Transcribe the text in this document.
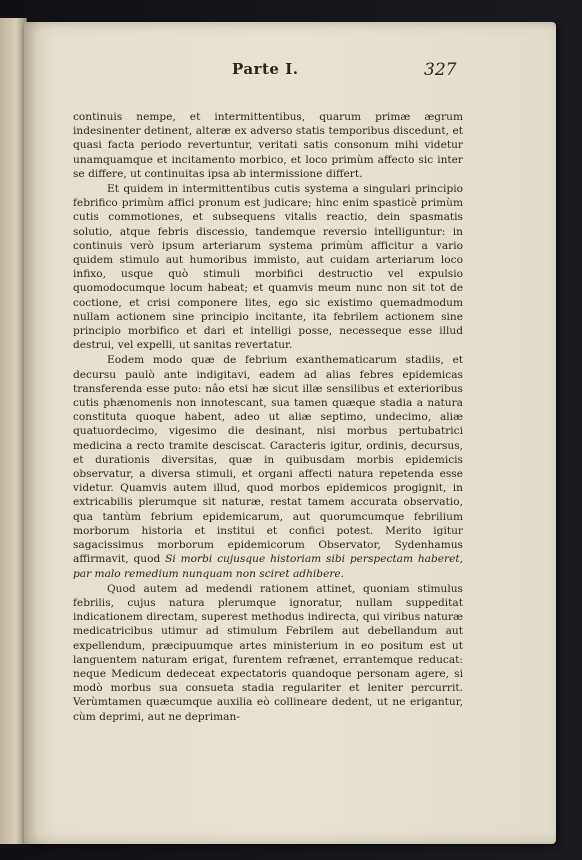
Parte I.	327

continuis nempe, et intermittentibus, quarum primæ ægrum indesinenter detinent, alteræ ex adverso statis temporibus discedunt, et quasi facta periodo revertuntur, veritati satis consonum mihi videtur unamquamque et incitamento morbico, et loco primùm affecto sic inter se differe, ut continuitas ipsa ab intermissione differt.

Et quidem in intermittentibus cutis systema a singulari principio febrifico primùm affici pronum est judicare; hinc enim spasticè primùm cutis commotiones, et subsequens vitalis reactio, dein spasmatis solutio, atque febris discessio, tandemque reversio intelliguntur: in continuis verò ipsum arteriarum systema primùm afficitur a vario quidem stimulo aut humoribus immisto, aut cuidam arteriarum loco infixo, usque quò stimuli morbifici destructio vel expulsio quomodocumque locum habeat; et quamvis meum nunc non sit tot de coctione, et crisi componere lites, ego sic existimo quemadmodum nullam actionem sine principio incitante, ita febrilem actionem sine principio morbifico et dari et intelligi posse, necesseque esse illud destrui, vel expelli, ut sanitas revertatur.

Eodem modo quæ de febrium exanthematicarum stadiis, et decursu paulò ante indigitavi, eadem ad alias febres epidemicas transferenda esse puto: nâo etsi hæ sicut illæ sensilibus et exterioribus cutis phænomenis non innotescant, sua tamen quæque stadia a natura constituta quoque habent, adeo ut aliæ septimo, undecimo, aliæ quatuordecimo, vigesimo die desinant, nisi morbus pertubatrici medicina a recto tramite desciscat. Caracteris igitur, ordinis, decursus, et durationis diversitas, quæ in quibusdam morbis epidemicis observatur, a diversa stimuli, et organi affecti natura repetenda esse videtur. Quamvis autem illud, quod morbos epidemicos progignit, in extricabilis plerumque sit naturæ, restat tamem accurata observatio, qua tantùm febrium epidemicarum, aut quorumcumque febrilium morborum historia et institui et confici potest. Merito igitur sagacissimus morborum epidemicorum Observator, Sydenhamus affirmavit, quod Si morbi cujusque historiam sibi perspectam haberet, par malo remedium nunquam non sciret adhibere.

Quod autem ad medendi rationem attinet, quoniam stimulus febrilis, cujus natura plerumque ignoratur, nullam suppeditat indicationem directam, superest methodus indirecta, qui viribus naturæ medicatricibus utimur ad stimulum Febrilem aut debellandum aut expellendum, præcipuumque artes ministerium in eo positum est ut languentem naturam erigat, furentem refrænet, errantemque reducat: neque Medicum dedeceat expectatoris quandoque personam agere, si modò morbus sua consueta stadia regulariter et leniter percurrit. Verùmtamen quæcumque auxilia eò collineare dedent, ut ne erigantur, cùm deprimi, aut ne depriman-
